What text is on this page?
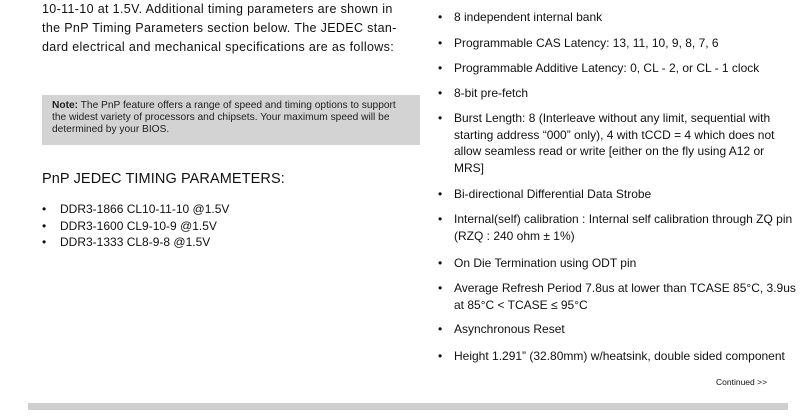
10-11-10 at 1.5V. Additional timing parameters are shown in
the PnP Timing Parameters section below. The JEDEC stan-
dard electrical and mechanical specifications are as follows:

Note: The PnP feature offers a range of speed and timing options to support the widest variety of processors and chipsets. Your maximum speed will be determined by your BIOS.
PnP JEDEC TIMING PARAMETERS:
• DDR3-1866 CL10-11-10 @1.5V
• DDR3-1600 CL9-10-9 @1.5V
• DDR3-1333 CL8-9-8 @1.5V
• 8 independent internal bank
• Programmable CAS Latency: 13, 11, 10, 9, 8, 7, 6
• Programmable Additive Latency: 0, CL - 2, or CL - 1 clock
• 8-bit pre-fetch
• Burst Length: 8 (Interleave without any limit, sequential with starting address “000” only), 4 with tCCD = 4 which does not allow seamless read or write [either on the fly using A12 or MRS]
• Bi-directional Differential Data Strobe
• Internal(self) calibration : Internal self calibration through ZQ pin (RZQ : 240 ohm ± 1%)
• On Die Termination using ODT pin
• Average Refresh Period 7.8us at lower than TCASE 85°C, 3.9us at 85°C < TCASE ≤ 95°C
• Asynchronous Reset
• Height 1.291” (32.80mm) w/heatsink, double sided component
Continued >>
